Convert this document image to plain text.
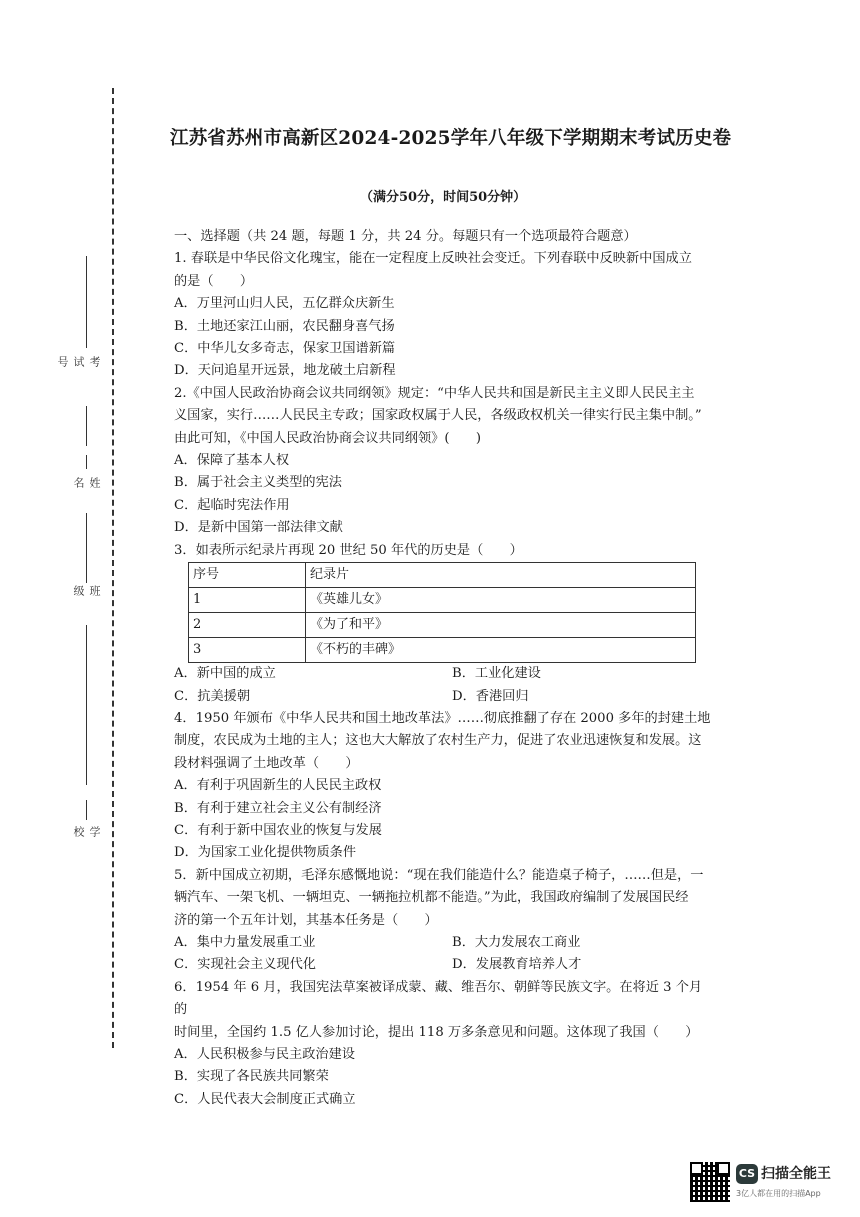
考试号
姓名
班级
学校
江苏省苏州市高新区2024-2025学年八年级下学期期末考试历史卷
（满分50分，时间50分钟）

一、选择题（共 24 题，每题 1 分，共 24 分。每题只有一个选项最符合题意）

1. 春联是中华民俗文化瑰宝，能在一定程度上反映社会变迁。下列春联中反映新中国成立

的是（　　）

A．万里河山归人民，五亿群众庆新生

B．土地还家江山丽，农民翻身喜气扬

C．中华儿女多奇志，保家卫国谱新篇

D．天问追星开远景，地龙破土启新程

2.《中国人民政治协商会议共同纲领》规定：“中华人民共和国是新民主主义即人民民主主

义国家，实行……人民民主专政；国家政权属于人民，各级政权机关一律实行民主集中制。”

由此可知，《中国人民政治协商会议共同纲领》(　　)

A．保障了基本人权

B．属于社会主义类型的宪法

C．起临时宪法作用

D．是新中国第一部法律文献

3．如表所示纪录片再现 20 世纪 50 年代的历史是（　　）

序号	纪录片
1	《英雄儿女》
2	《为了和平》
3	《不朽的丰碑》
A．新中国的成立	B．工业化建设
C．抗美援朝	D．香港回归

4．1950 年颁布《中华人民共和国土地改革法》……彻底推翻了存在 2000 多年的封建土地

制度，农民成为土地的主人；这也大大解放了农村生产力，促进了农业迅速恢复和发展。这

段材料强调了土地改革（　　）

A．有利于巩固新生的人民民主政权

B．有利于建立社会主义公有制经济

C．有利于新中国农业的恢复与发展

D．为国家工业化提供物质条件

5．新中国成立初期，毛泽东感慨地说：“现在我们能造什么？能造桌子椅子，……但是，一

辆汽车、一架飞机、一辆坦克、一辆拖拉机都不能造。”为此，我国政府编制了发展国民经

济的第一个五年计划，其基本任务是（　　）

A．集中力量发展重工业	B．大力发展农工商业
C．实现社会主义现代化	D．发展教育培养人才

6．1954 年 6 月，我国宪法草案被译成蒙、藏、维吾尔、朝鲜等民族文字。在将近 3 个月的

时间里，全国约 1.5 亿人参加讨论，提出 118 万多条意见和问题。这体现了我国（　　）

A．人民积极参与民主政治建设

B．实现了各民族共同繁荣

C．人民代表大会制度正式确立

CS 扫描全能王
3亿人都在用的扫描App
